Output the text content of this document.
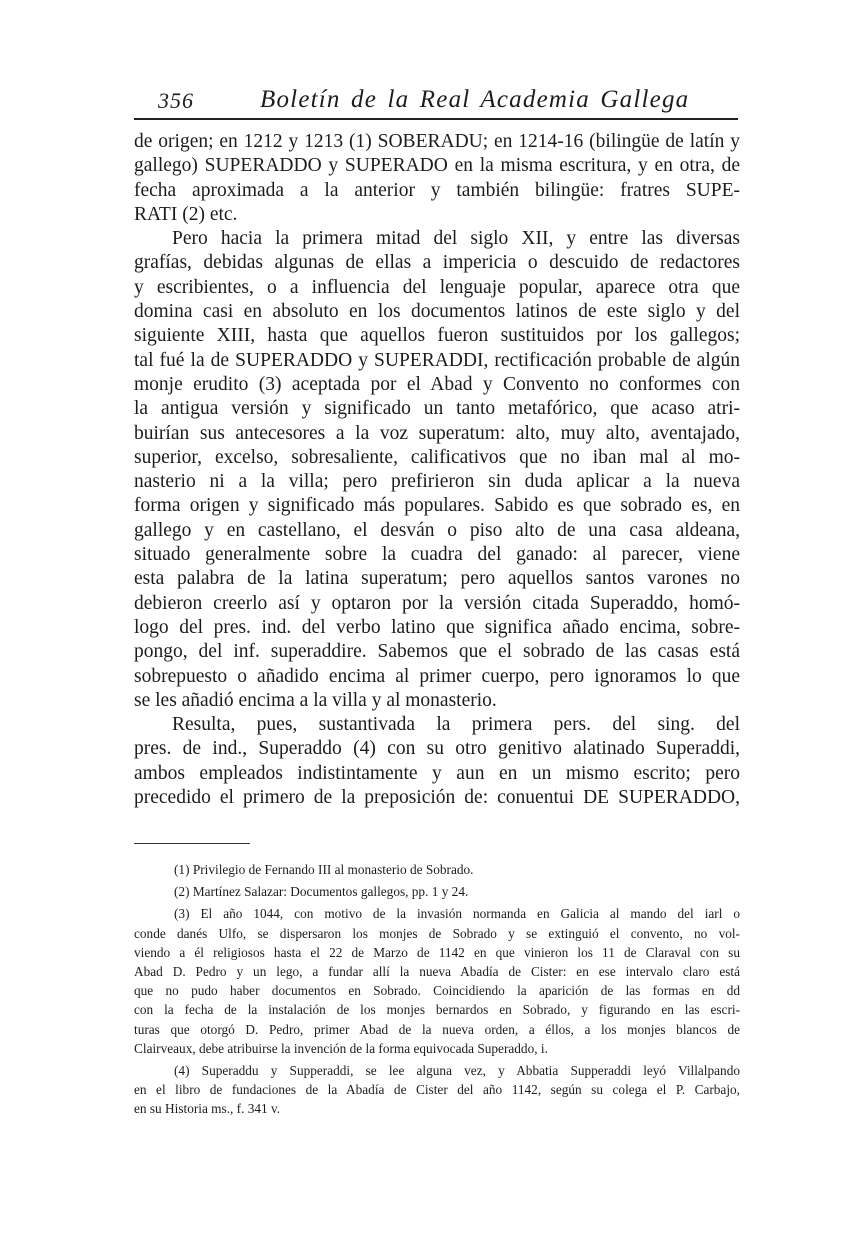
356	Boletín de la Real Academia Gallega
de origen; en 1212 y 1213 (1) SOBERADU; en 1214-16 (bilingüe de latín y
gallego) SUPERADDO y SUPERADO en la misma escritura, y en otra, de
fecha aproximada a la anterior y también bilingüe: fratres SUPE-
RATI (2) etc.
Pero hacia la primera mitad del siglo XII, y entre las diversas
grafías, debidas algunas de ellas a impericia o descuido de redactores
y escribientes, o a influencia del lenguaje popular, aparece otra que
domina casi en absoluto en los documentos latinos de este siglo y del
siguiente XIII, hasta que aquellos fueron sustituidos por los gallegos;
tal fué la de SUPERADDO y SUPERADDI, rectificación probable de algún
monje erudito (3) aceptada por el Abad y Convento no conformes con
la antigua versión y significado un tanto metafórico, que acaso atri-
buirían sus antecesores a la voz superatum: alto, muy alto, aventajado,
superior, excelso, sobresaliente, calificativos que no iban mal al mo-
nasterio ni a la villa; pero prefirieron sin duda aplicar a la nueva
forma origen y significado más populares. Sabido es que sobrado es, en
gallego y en castellano, el desván o piso alto de una casa aldeana,
situado generalmente sobre la cuadra del ganado: al parecer, viene
esta palabra de la latina superatum; pero aquellos santos varones no
debieron creerlo así y optaron por la versión citada Superaddo, homó-
logo del pres. ind. del verbo latino que significa añado encima, sobre-
pongo, del inf. superaddire. Sabemos que el sobrado de las casas está
sobrepuesto o añadido encima al primer cuerpo, pero ignoramos lo que
se les añadió encima a la villa y al monasterio.
Resulta, pues, sustantivada la primera pers. del sing. del
pres. de ind., Superaddo (4) con su otro genitivo alatinado Superaddi,
ambos empleados indistintamente y aun en un mismo escrito; pero
precedido el primero de la preposición de: conuentui DE SUPERADDO,
(1) Privilegio de Fernando III al monasterio de Sobrado.
(2) Martínez Salazar: Documentos gallegos, pp. 1 y 24.
(3) El año 1044, con motivo de la invasión normanda en Galicia al mando del iarl o
conde danés Ulfo, se dispersaron los monjes de Sobrado y se extinguió el convento, no vol-
viendo a él religiosos hasta el 22 de Marzo de 1142 en que vinieron los 11 de Claraval con su
Abad D. Pedro y un lego, a fundar allí la nueva Abadía de Cister: en ese intervalo claro está
que no pudo haber documentos en Sobrado. Coincidiendo la aparición de las formas en dd
con la fecha de la instalación de los monjes bernardos en Sobrado, y figurando en las escri-
turas que otorgó D. Pedro, primer Abad de la nueva orden, a éllos, a los monjes blancos de
Clairveaux, debe atribuirse la invención de la forma equivocada Superaddo, i.
(4) Superaddu y Supperaddi, se lee alguna vez, y Abbatia Supperaddi leyó Villalpando
en el libro de fundaciones de la Abadía de Cister del año 1142, según su colega el P. Carbajo,
en su Historia ms., f. 341 v.
